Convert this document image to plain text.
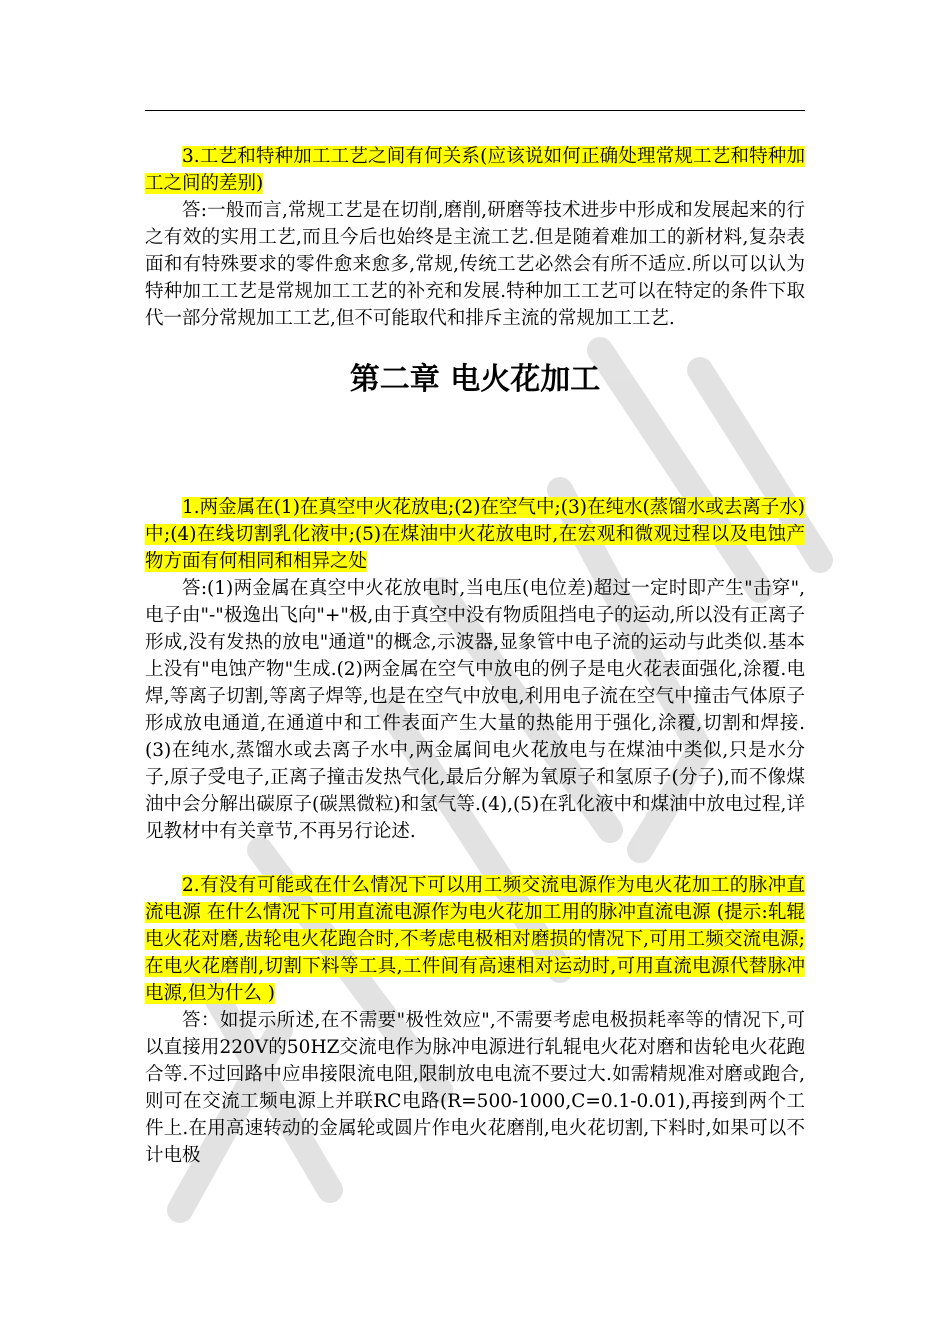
3.工艺和特种加工工艺之间有何关系(应该说如何正确处理常规工艺和特种加工之间的差别)

答:一般而言,常规工艺是在切削,磨削,研磨等技术进步中形成和发展起来的行之有效的实用工艺,而且今后也始终是主流工艺.但是随着难加工的新材料,复杂表面和有特殊要求的零件愈来愈多,常规,传统工艺必然会有所不适应.所以可以认为特种加工工艺是常规加工工艺的补充和发展.特种加工工艺可以在特定的条件下取代一部分常规加工工艺,但不可能取代和排斥主流的常规加工工艺.

第二章 电火花加工

1.两金属在(1)在真空中火花放电;(2)在空气中;(3)在纯水(蒸馏水或去离子水)中;(4)在线切割乳化液中;(5)在煤油中火花放电时,在宏观和微观过程以及电蚀产物方面有何相同和相异之处

答:(1)两金属在真空中火花放电时,当电压(电位差)超过一定时即产生"击穿",电子由"-"极逸出飞向"+"极,由于真空中没有物质阻挡电子的运动,所以没有正离子形成,没有发热的放电"通道"的概念,示波器,显象管中电子流的运动与此类似.基本上没有"电蚀产物"生成.(2)两金属在空气中放电的例子是电火花表面强化,涂覆.电焊,等离子切割,等离子焊等,也是在空气中放电,利用电子流在空气中撞击气体原子形成放电通道,在通道中和工件表面产生大量的热能用于强化,涂覆,切割和焊接.(3)在纯水,蒸馏水或去离子水中,两金属间电火花放电与在煤油中类似,只是水分子,原子受电子,正离子撞击发热气化,最后分解为氧原子和氢原子(分子),而不像煤油中会分解出碳原子(碳黑微粒)和氢气等.(4),(5)在乳化液中和煤油中放电过程,详见教材中有关章节,不再另行论述.

2.有没有可能或在什么情况下可以用工频交流电源作为电火花加工的脉冲直流电源 在什么情况下可用直流电源作为电火花加工用的脉冲直流电源 (提示:轧辊电火花对磨,齿轮电火花跑合时,不考虑电极相对磨损的情况下,可用工频交流电源;在电火花磨削,切割下料等工具,工件间有高速相对运动时,可用直流电源代替脉冲电源,但为什么 )

答：如提示所述,在不需要"极性效应",不需要考虑电极损耗率等的情况下,可以直接用220V的50HZ交流电作为脉冲电源进行轧辊电火花对磨和齿轮电火花跑合等.不过回路中应串接限流电阻,限制放电电流不要过大.如需精规准对磨或跑合,则可在交流工频电源上并联RC电路(R=500-1000,C=0.1-0.01),再接到两个工件上.在用高速转动的金属轮或圆片作电火花磨削,电火花切割,下料时,如果可以不计电极
